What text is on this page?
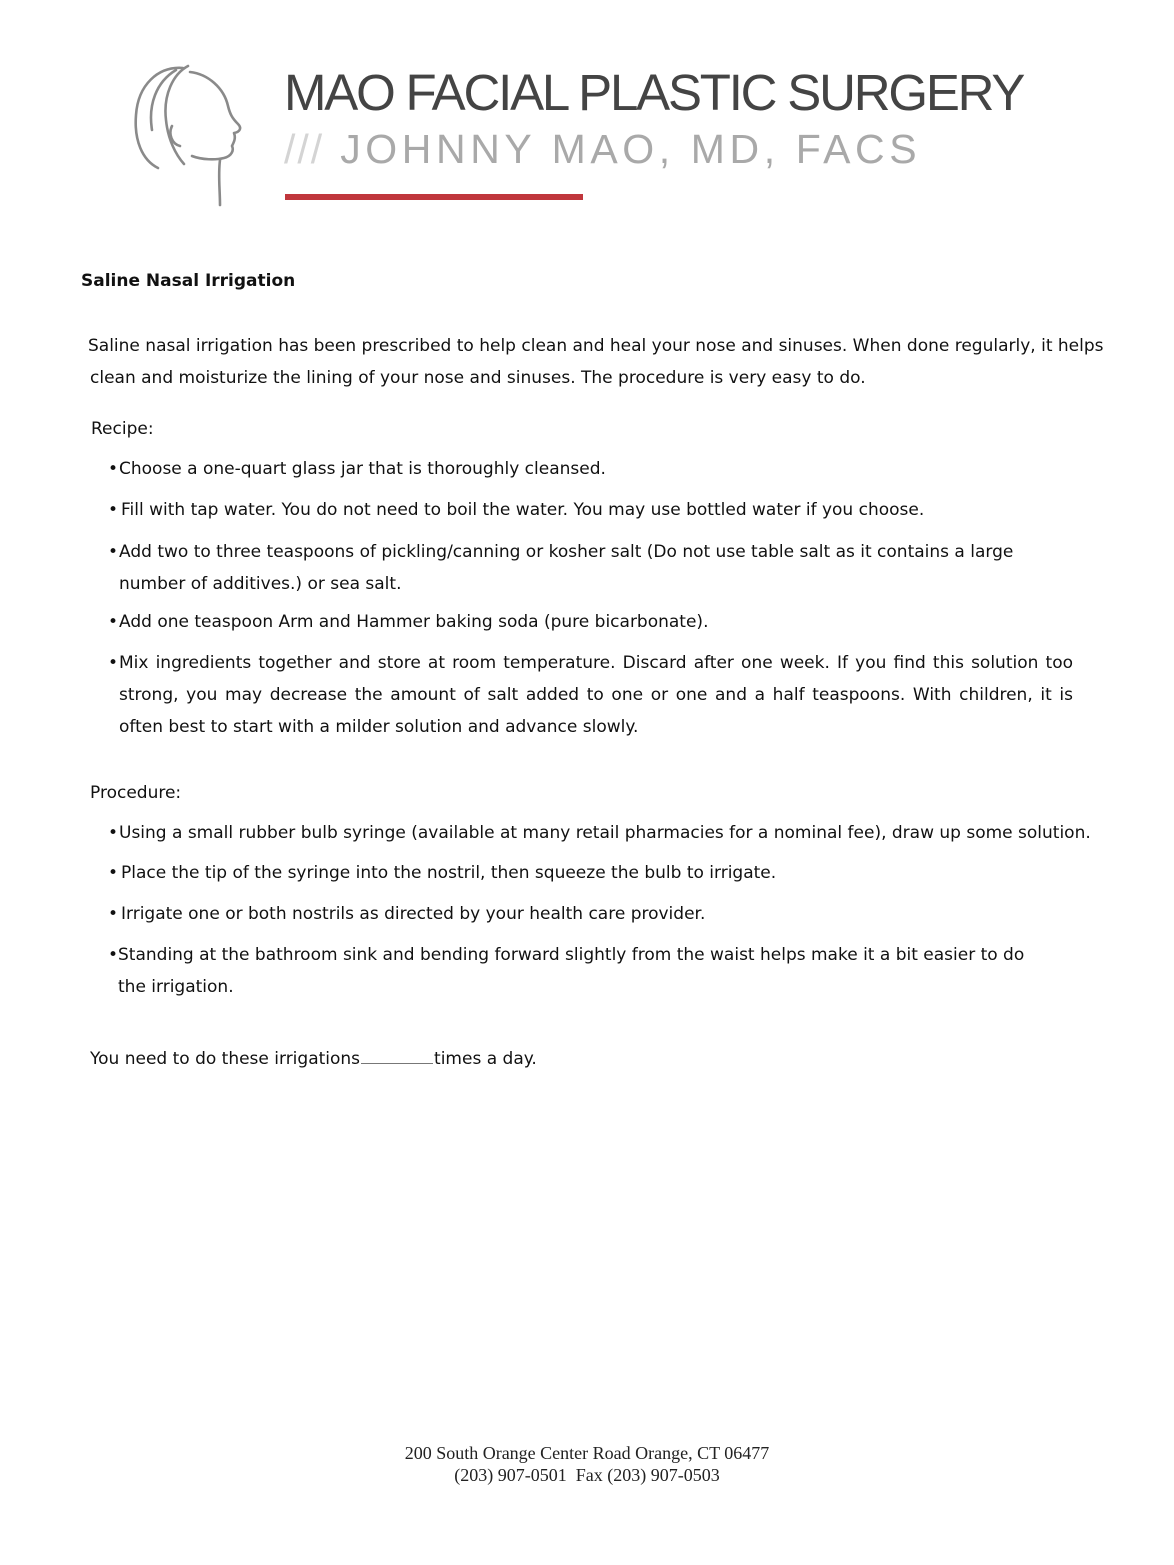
MAO FACIAL PLASTIC SURGERY
/// JOHNNY MAO, MD, FACS
Saline Nasal Irrigation
Saline nasal irrigation has been prescribed to help clean and heal your nose and sinuses. When done regularly, it helps
clean and moisturize the lining of your nose and sinuses. The procedure is very easy to do.
Recipe:
• Choose a one-quart glass jar that is thoroughly cleansed.
• Fill with tap water. You do not need to boil the water. You may use bottled water if you choose.
• Add two to three teaspoons of pickling/canning or kosher salt (Do not use table salt as it contains a large number of additives.) or sea salt.
• Add one teaspoon Arm and Hammer baking soda (pure bicarbonate).
• Mix ingredients together and store at room temperature. Discard after one week. If you find this solution too strong, you may decrease the amount of salt added to one or one and a half teaspoons. With children, it is often best to start with a milder solution and advance slowly.
Procedure:
• Using a small rubber bulb syringe (available at many retail pharmacies for a nominal fee), draw up some solution.
• Place the tip of the syringe into the nostril, then squeeze the bulb to irrigate.
• Irrigate one or both nostrils as directed by your health care provider.
• Standing at the bathroom sink and bending forward slightly from the waist helps make it a bit easier to do the irrigation.
You need to do these irrigations	times a day.
200 South Orange Center Road Orange, CT 06477
(203) 907-0501  Fax (203) 907-0503
